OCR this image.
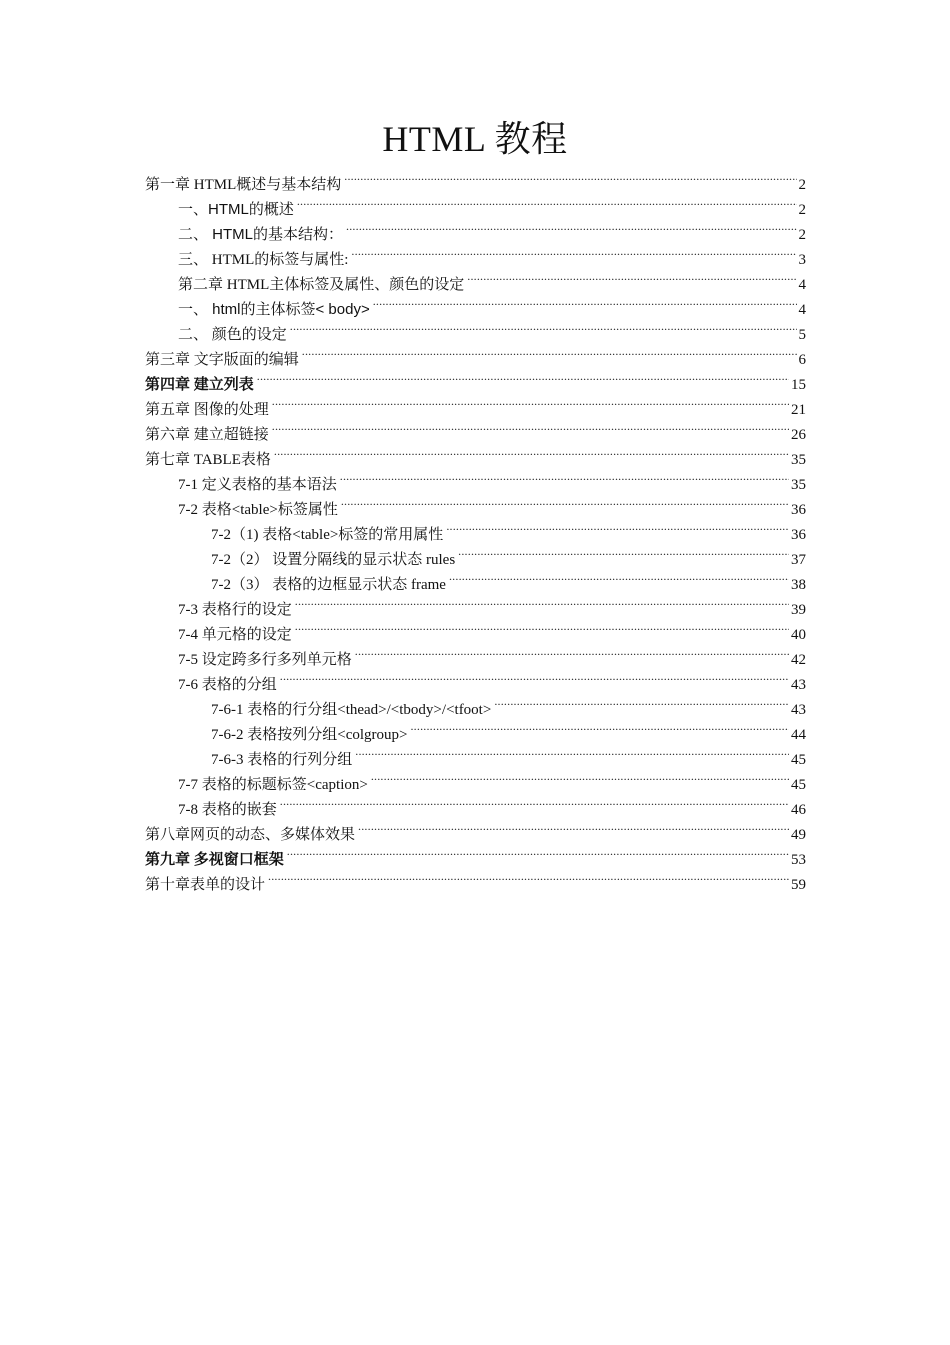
HTML 教程
第一章 HTML概述与基本结构 .....	2
一、HTML的概述 .....	2
二、 HTML的基本结构： .....	2
三、 HTML的标签与属性: .....	3
第二章 HTML主体标签及属性、颜色的设定 .....	4
一、 html的主体标签< body> .....	4
二、 颜色的设定 .....	5
第三章 文字版面的编辑 .....	6
第四章 建立列表 .....	15
第五章 图像的处理 .....	21
第六章 建立超链接 .....	26
第七章 TABLE表格 .....	35
7-1 定义表格的基本语法 .....	35
7-2 表格<table>标签属性 .....	36
7-2（1) 表格<table>标签的常用属性 .....	36
7-2（2） 设置分隔线的显示状态 rules .....	37
7-2（3） 表格的边框显示状态 frame .....	38
7-3 表格行的设定 .....	39
7-4 单元格的设定 .....	40
7-5 设定跨多行多列单元格 .....	42
7-6 表格的分组 .....	43
7-6-1 表格的行分组<thead>/<tbody>/<tfoot> .....	43
7-6-2 表格按列分组<colgroup> .....	44
7-6-3 表格的行列分组 .....	45
7-7 表格的标题标签<caption> .....	45
7-8 表格的嵌套 .....	46
第八章网页的动态、多媒体效果 .....	49
第九章 多视窗口框架 .....	53
第十章表单的设计 .....	59
